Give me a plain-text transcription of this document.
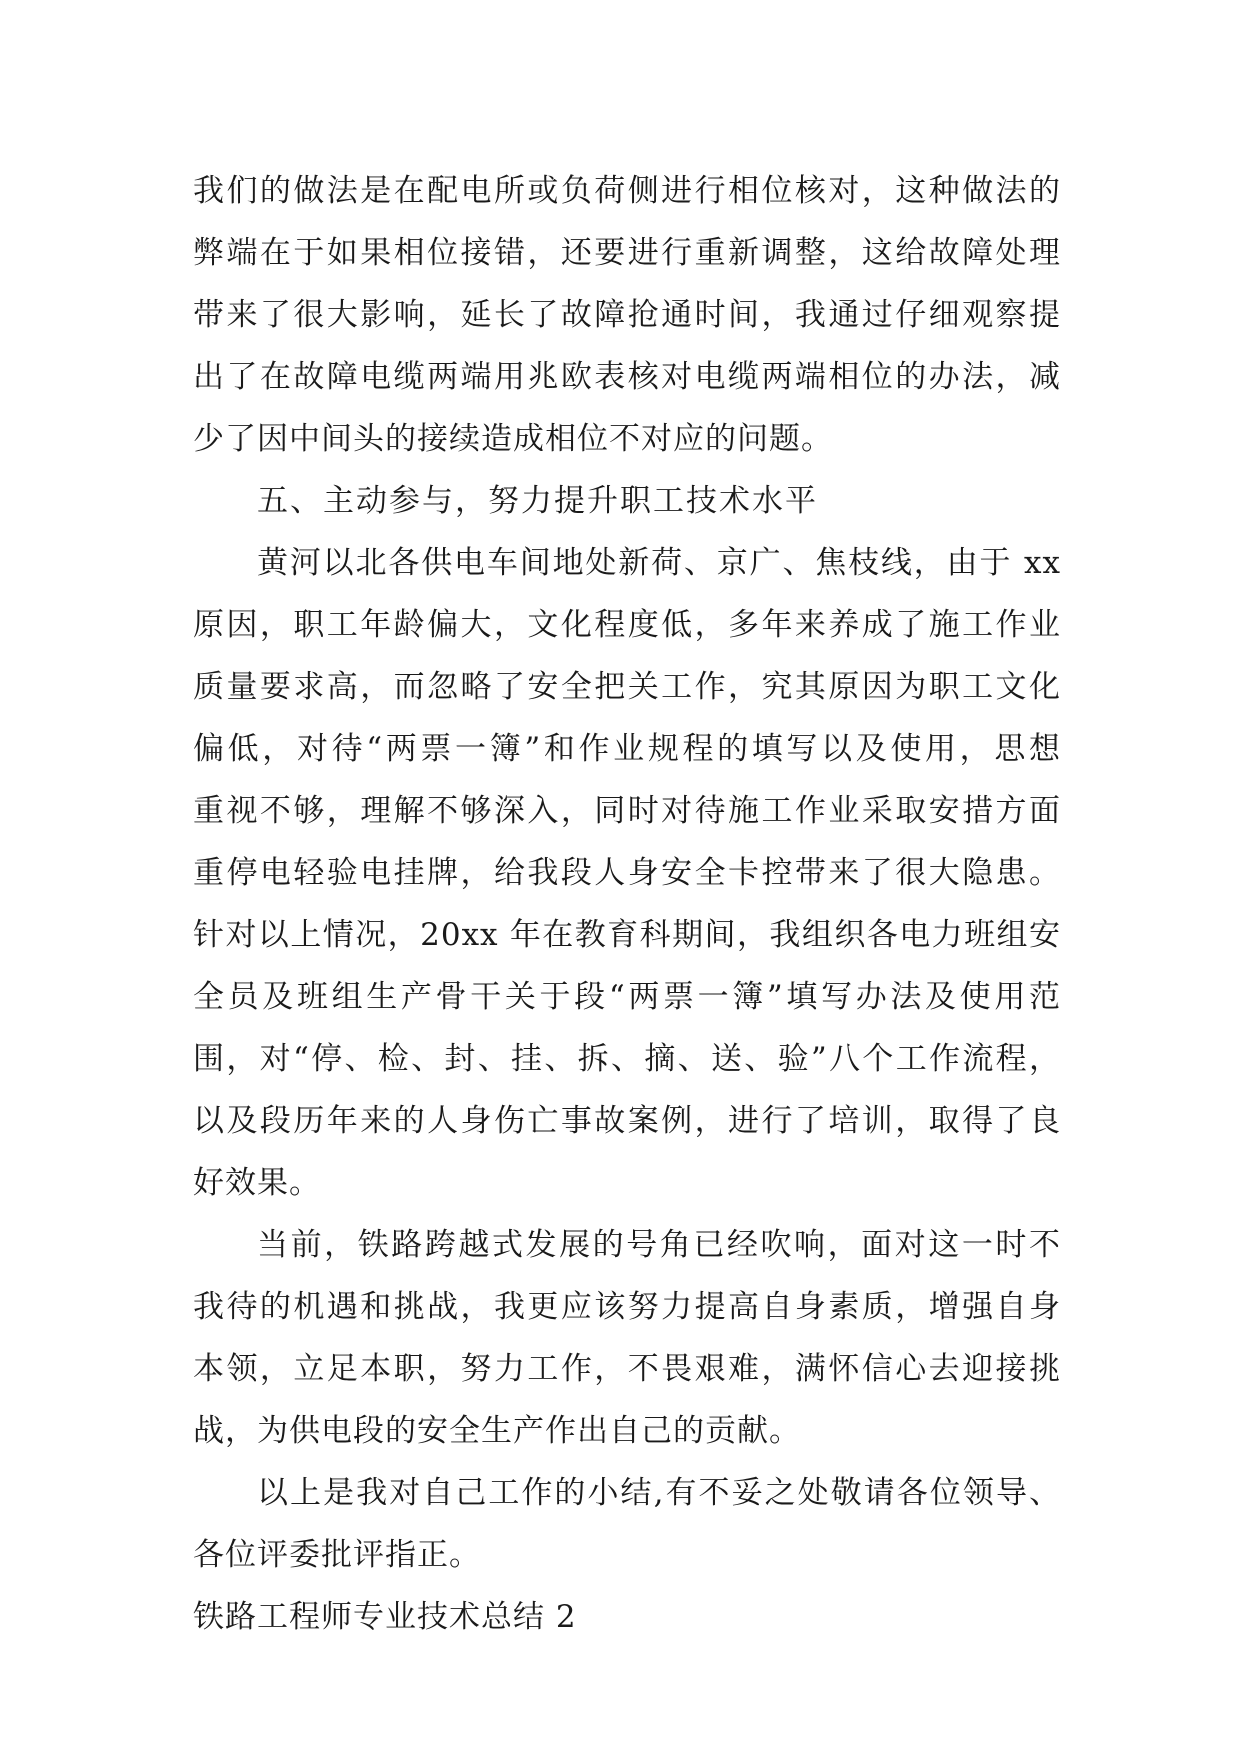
我们的做法是在配电所或负荷侧进行相位核对，这种做法的
弊端在于如果相位接错，还要进行重新调整，这给故障处理
带来了很大影响，延长了故障抢通时间，我通过仔细观察提
出了在故障电缆两端用兆欧表核对电缆两端相位的办法，减
少了因中间头的接续造成相位不对应的问题。
五、主动参与，努力提升职工技术水平
黄河以北各供电车间地处新荷、京广、焦枝线，由于 xx
原因，职工年龄偏大，文化程度低，多年来养成了施工作业
质量要求高，而忽略了安全把关工作，究其原因为职工文化
偏低，对待“两票一簿”和作业规程的填写以及使用，思想
重视不够，理解不够深入，同时对待施工作业采取安措方面
重停电轻验电挂牌，给我段人身安全卡控带来了很大隐患。
针对以上情况，20xx 年在教育科期间，我组织各电力班组安
全员及班组生产骨干关于段“两票一簿”填写办法及使用范
围，对“停、检、封、挂、拆、摘、送、验”八个工作流程，
以及段历年来的人身伤亡事故案例，进行了培训，取得了良
好效果。
当前，铁路跨越式发展的号角已经吹响，面对这一时不
我待的机遇和挑战，我更应该努力提高自身素质，增强自身
本领，立足本职，努力工作，不畏艰难，满怀信心去迎接挑
战，为供电段的安全生产作出自己的贡献。
以上是我对自己工作的小结,有不妥之处敬请各位领导、
各位评委批评指正。
铁路工程师专业技术总结 2
